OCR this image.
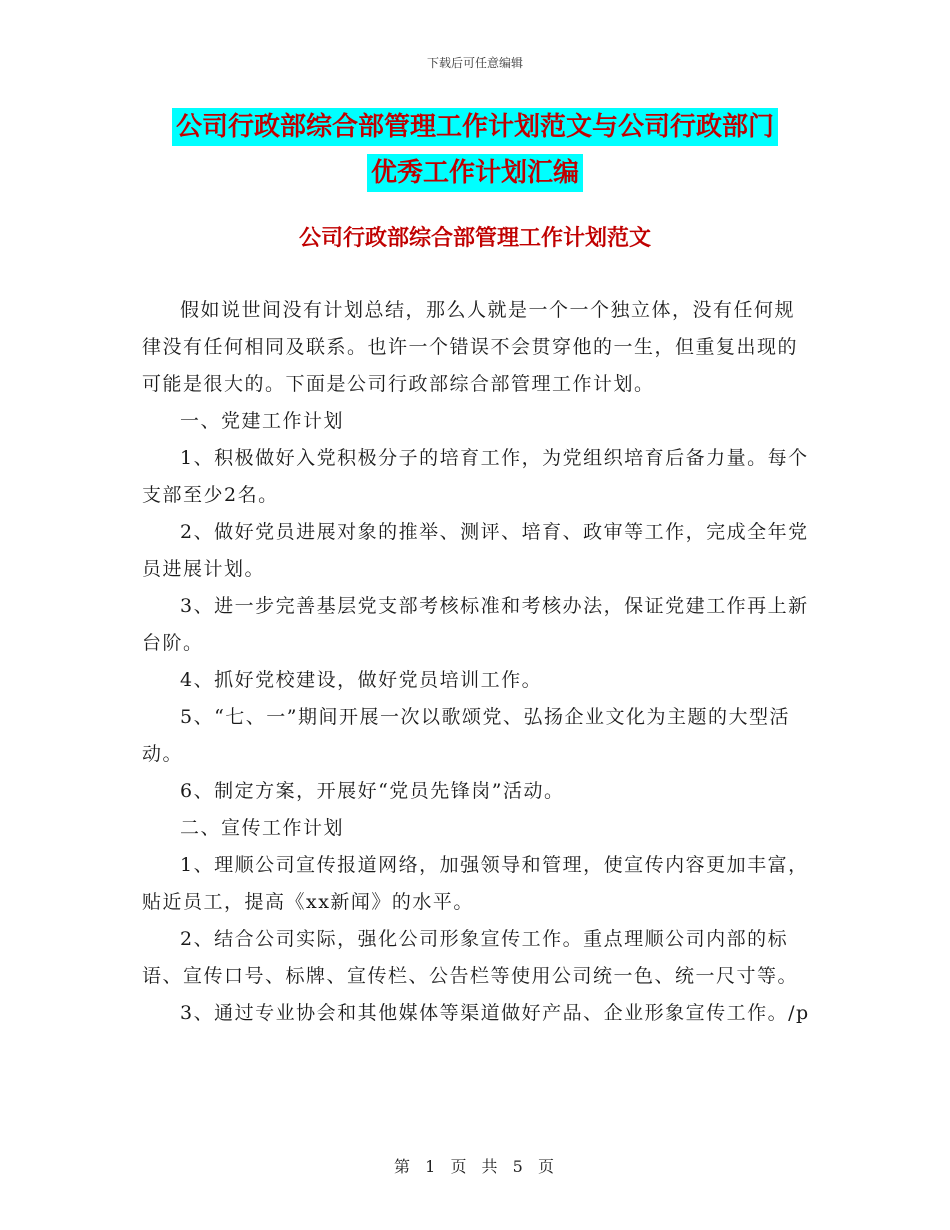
下载后可任意编辑
公司行政部综合部管理工作计划范文与公司行政部门
优秀工作计划汇编
公司行政部综合部管理工作计划范文

假如说世间没有计划总结，那么人就是一个一个独立体，没有任何规律没有任何相同及联系。也许一个错误不会贯穿他的一生，但重复出现的可能是很大的。下面是公司行政部综合部管理工作计划。

一、党建工作计划

1、积极做好入党积极分子的培育工作，为党组织培育后备力量。每个支部至少2名。

2、做好党员进展对象的推举、测评、培育、政审等工作，完成全年党员进展计划。

3、进一步完善基层党支部考核标准和考核办法，保证党建工作再上新台阶。

4、抓好党校建设，做好党员培训工作。

5、“七、一”期间开展一次以歌颂党、弘扬企业文化为主题的大型活动。

6、制定方案，开展好“党员先锋岗”活动。

二、宣传工作计划

1、理顺公司宣传报道网络，加强领导和管理，使宣传内容更加丰富，贴近员工，提高《xx新闻》的水平。

2、结合公司实际，强化公司形象宣传工作。重点理顺公司内部的标语、宣传口号、标牌、宣传栏、公告栏等使用公司统一色、统一尺寸等。

3、通过专业协会和其他媒体等渠道做好产品、企业形象宣传工作。/p

第 1 页 共 5 页
